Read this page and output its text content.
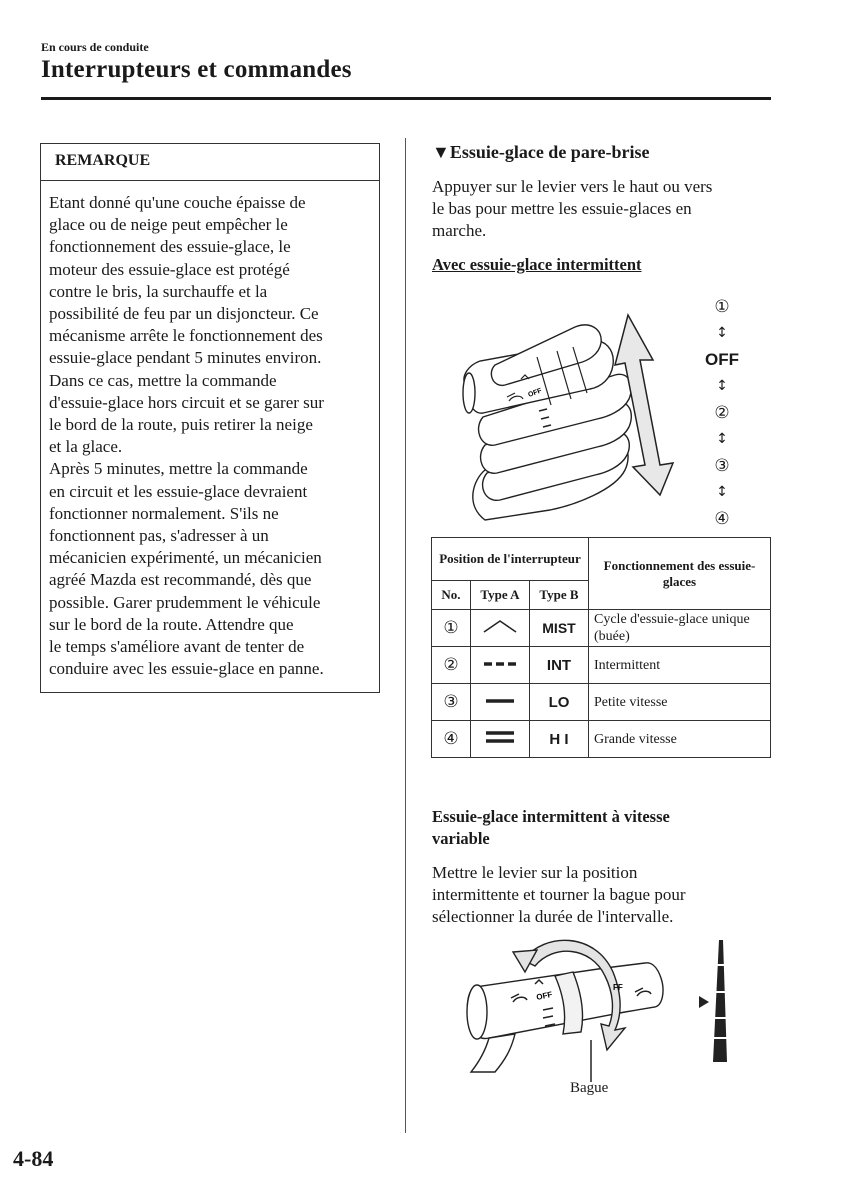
En cours de conduite
Interrupteurs et commandes
REMARQUE

Etant donné qu'une couche épaisse de

glace ou de neige peut empêcher le

fonctionnement des essuie-glace, le

moteur des essuie-glace est protégé

contre le bris, la surchauffe et la

possibilité de feu par un disjoncteur. Ce

mécanisme arrête le fonctionnement des

essuie-glace pendant 5 minutes environ.

Dans ce cas, mettre la commande

d'essuie-glace hors circuit et se garer sur

le bord de la route, puis retirer la neige

et la glace.

Après 5 minutes, mettre la commande

en circuit et les essuie-glace devraient

fonctionner normalement. S'ils ne

fonctionnent pas, s'adresser à un

mécanicien expérimenté, un mécanicien

agréé Mazda est recommandé, dès que

possible. Garer prudemment le véhicule

sur le bord de la route. Attendre que

le temps s'améliore avant de tenter de

conduire avec les essuie-glace en panne.

▼Essuie-glace de pare-brise
Appuyer sur le levier vers le haut ou vers
le bas pour mettre les essuie-glaces en
marche.
Avec essuie-glace intermittent
OFF
①
↕
OFF
↕
②
↕
③
↕
④
Position de l'interrupteur			Fonctionnement des essuie-glaces
No.	Type A	Type B	
①		MIST	Cycle d'essuie-glace unique (buée)
②		INT	Intermittent
③		LO	Petite vitesse
④		H I	Grande vitesse
Essuie-glace intermittent à vitesse
variable
Mettre le levier sur la position
intermittente et tourner la bague pour
sélectionner la durée de l'intervalle.
OFF
FF
Bague
4-84
